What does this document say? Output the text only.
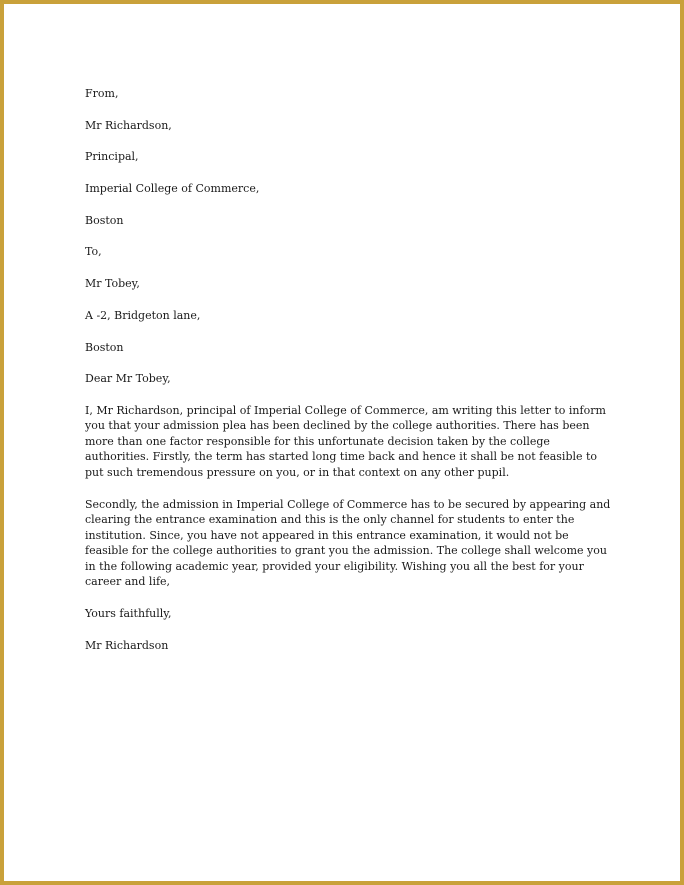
From,
Mr Richardson,
Principal,
Imperial College of Commerce,
Boston
To,
Mr Tobey,
A -2, Bridgeton lane,
Boston
Dear Mr Tobey,

I, Mr Richardson, principal of Imperial College of Commerce, am writing this letter to inform you that your admission plea has been declined by the college authorities. There has been more than one factor responsible for this unfortunate decision taken by the college authorities. Firstly, the term has started long time back and hence it shall be not feasible to put such tremendous pressure on you, or in that context on any other pupil.

Secondly, the admission in Imperial College of Commerce has to be secured by appearing and clearing the entrance examination and this is the only channel for students to enter the institution. Since, you have not appeared in this entrance examination, it would not be feasible for the college authorities to grant you the admission. The college shall welcome you in the following academic year, provided your eligibility. Wishing you all the best for your career and life,

Yours faithfully,
Mr Richardson
